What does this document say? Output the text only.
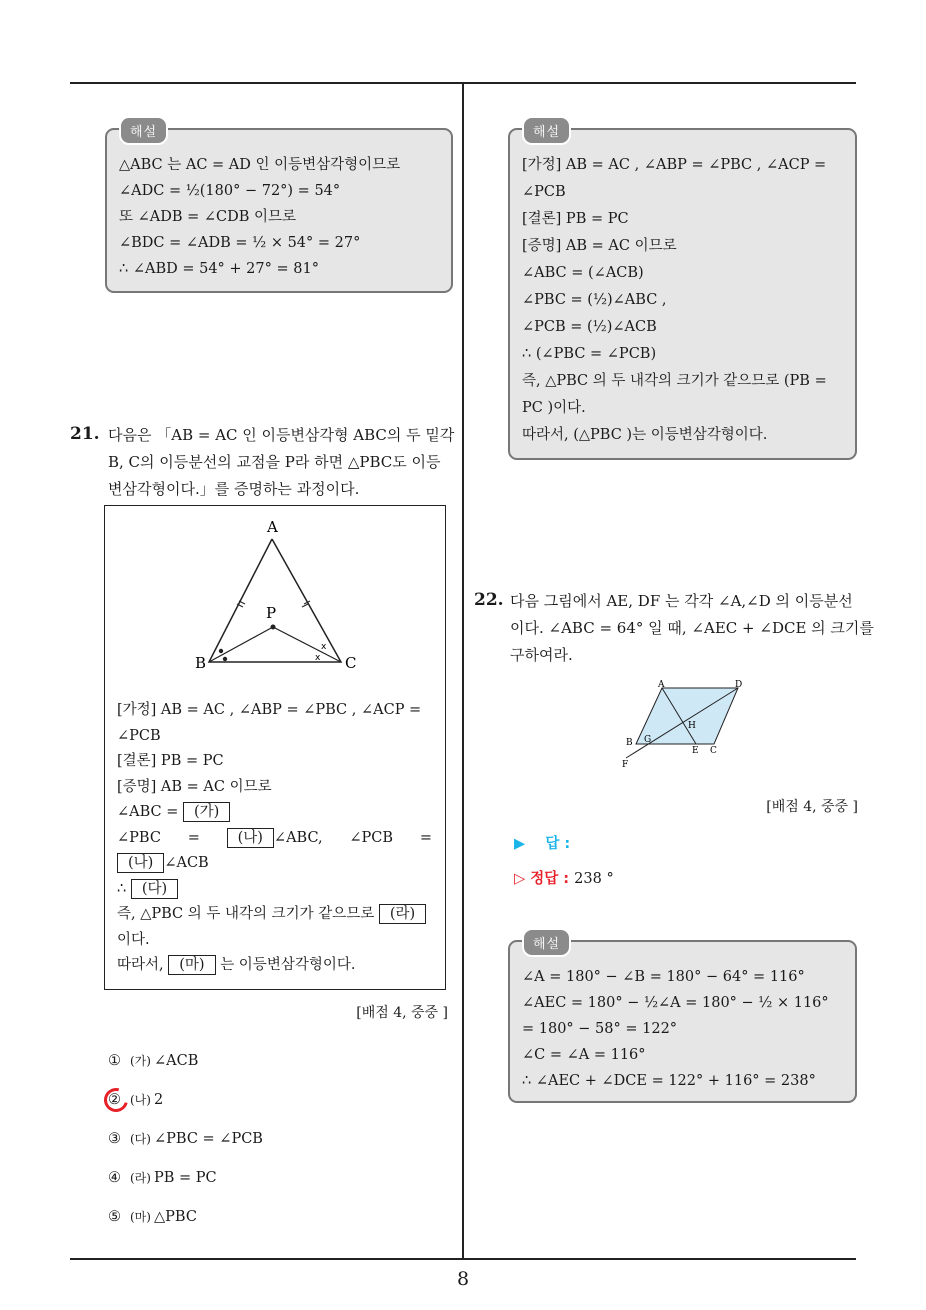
8
해설
△ABC 는 AC = AD 인 이등변삼각형이므로
∠ADC = ½(180° − 72°) = 54°
또 ∠ADB = ∠CDB 이므로
∠BDC = ∠ADB = ½ × 54° = 27°
∴ ∠ABD = 54° + 27° = 81°
해설
[가정] AB = AC , ∠ABP = ∠PBC , ∠ACP =
∠PCB
[결론] PB = PC
[증명] AB = AC 이므로
∠ABC = (∠ACB)
∠PBC = (½)∠ABC ,
∠PCB = (½)∠ACB
∴ (∠PBC = ∠PCB)
즉, △PBC 의 두 내각의 크기가 같으므로 (PB =
PC )이다.
따라서, (△PBC )는 이등변삼각형이다.
21. 다음은 「AB = AC 인 이등변삼각형 ABC의 두 밑각
B, C의 이등분선의 교점을 P라 하면 △PBC도 이등
변삼각형이다.」를 증명하는 과정이다.
A
B	C
P
x
x
[가정] AB = AC , ∠ABP = ∠PBC , ∠ACP =
∠PCB
[결론] PB = PC
[증명] AB = AC 이므로
∠ABC = (가)
∠PBC =	(나) ∠ABC, ∠PCB =
(나) ∠ACB
∴ (다)
즉, △PBC 의 두 내각의 크기가 같으므로 (라)
이다.
따라서, (마) 는 이등변삼각형이다.
[배점 4, 중중 ]
① (가) ∠ACB
② (나) 2
③ (다) ∠PBC = ∠PCB
④ (라) PB = PC
⑤ (마) △PBC
22. 다음 그림에서 AE, DF 는 각각 ∠A,∠D 의 이등분선
이다. ∠ABC = 64° 일 때, ∠AEC + ∠DCE 의 크기를
구하여라.
A	D
H
B G
E C
F
[배점 4, 중중 ]
▶ 답 :
▷ 정답 : 238 °
해설
∠A = 180° − ∠B = 180° − 64° = 116°
∠AEC = 180° − ½∠A = 180° − ½ × 116°
= 180° − 58° = 122°
∠C = ∠A = 116°
∴ ∠AEC + ∠DCE = 122° + 116° = 238°
